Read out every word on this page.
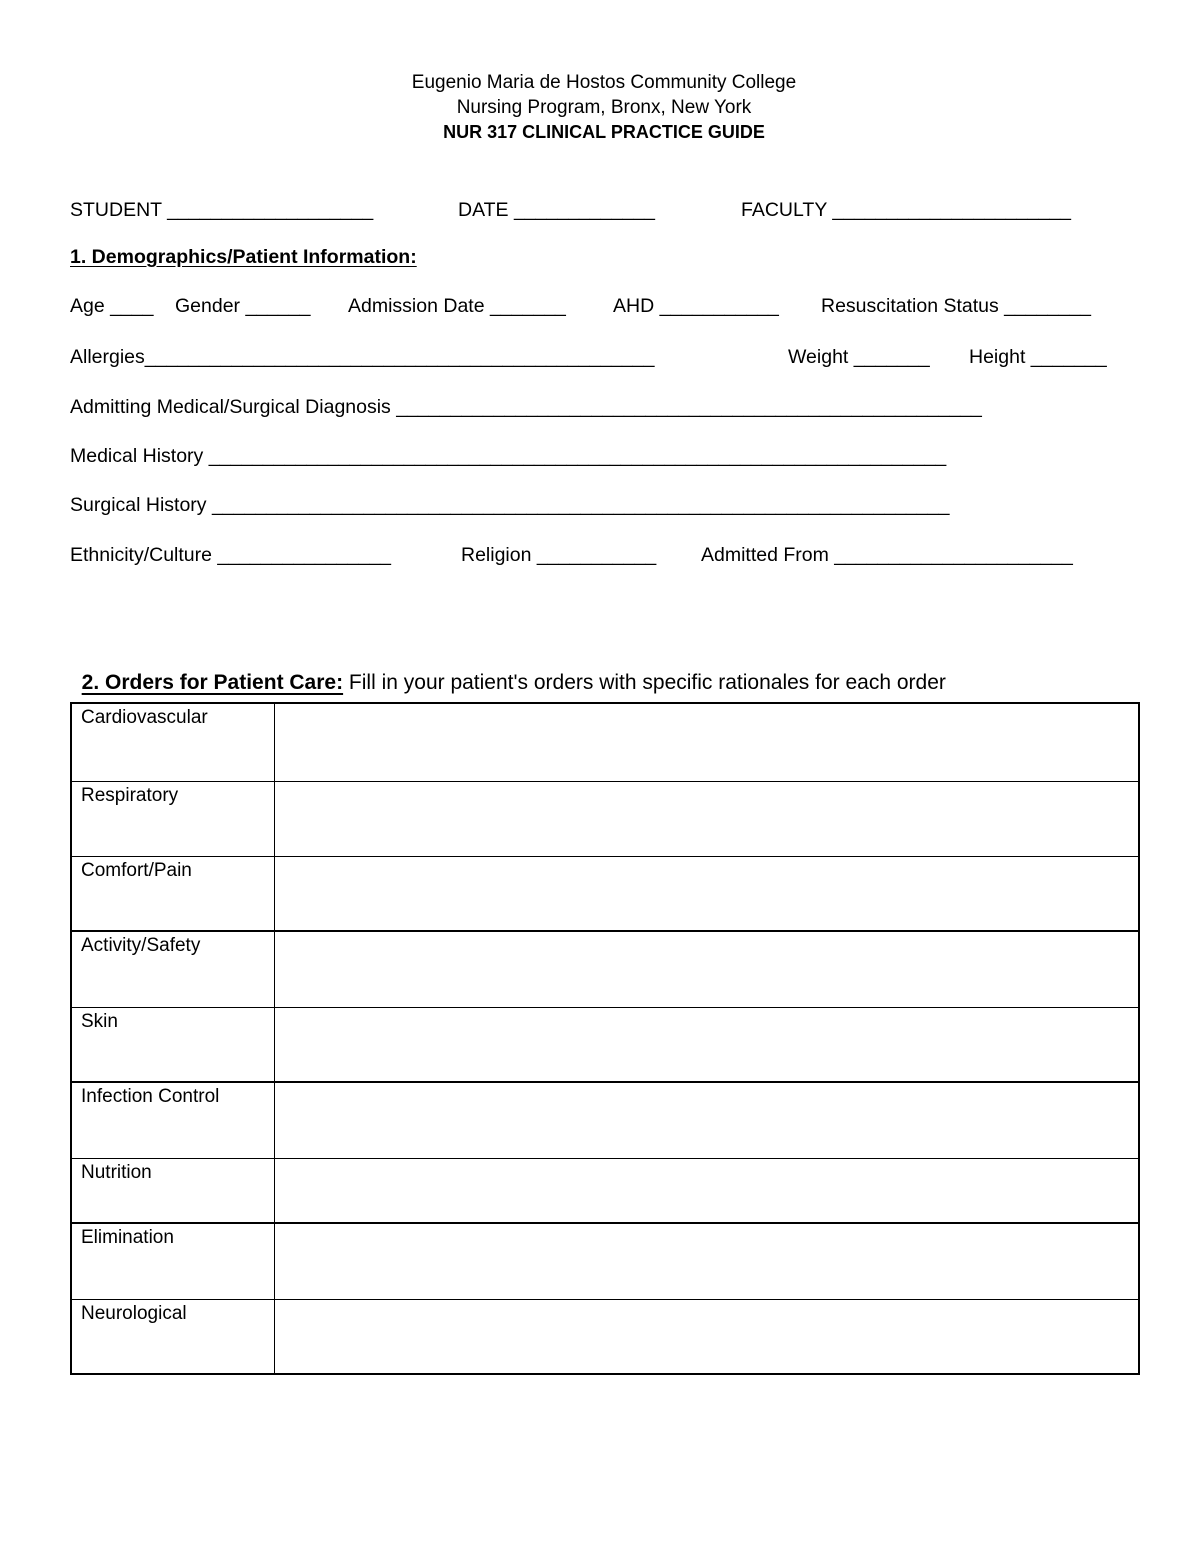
Eugenio Maria de Hostos Community College
Nursing Program, Bronx, New York
NUR 317 CLINICAL PRACTICE GUIDE

STUDENT ___________________

	DATE _____________

	FACULTY ______________________

1. Demographics/Patient Information:

Age ____

Gender ______

Admission Date _______

AHD ___________

Resuscitation Status ________

Allergies_______________________________________________

	Weight _______

Height _______

Admitting Medical/Surgical Diagnosis ______________________________________________________

Medical History ____________________________________________________________________

Surgical History ____________________________________________________________________

Ethnicity/Culture ________________

	Religion ___________

Admitted From ______________________

2. Orders for Patient Care: Fill in your patient's orders with specific rationales for each order

Cardiovascular	
Respiratory	
Comfort/Pain	
Activity/Safety	
Skin	
Infection Control	
Nutrition	
Elimination	
Neurological	
